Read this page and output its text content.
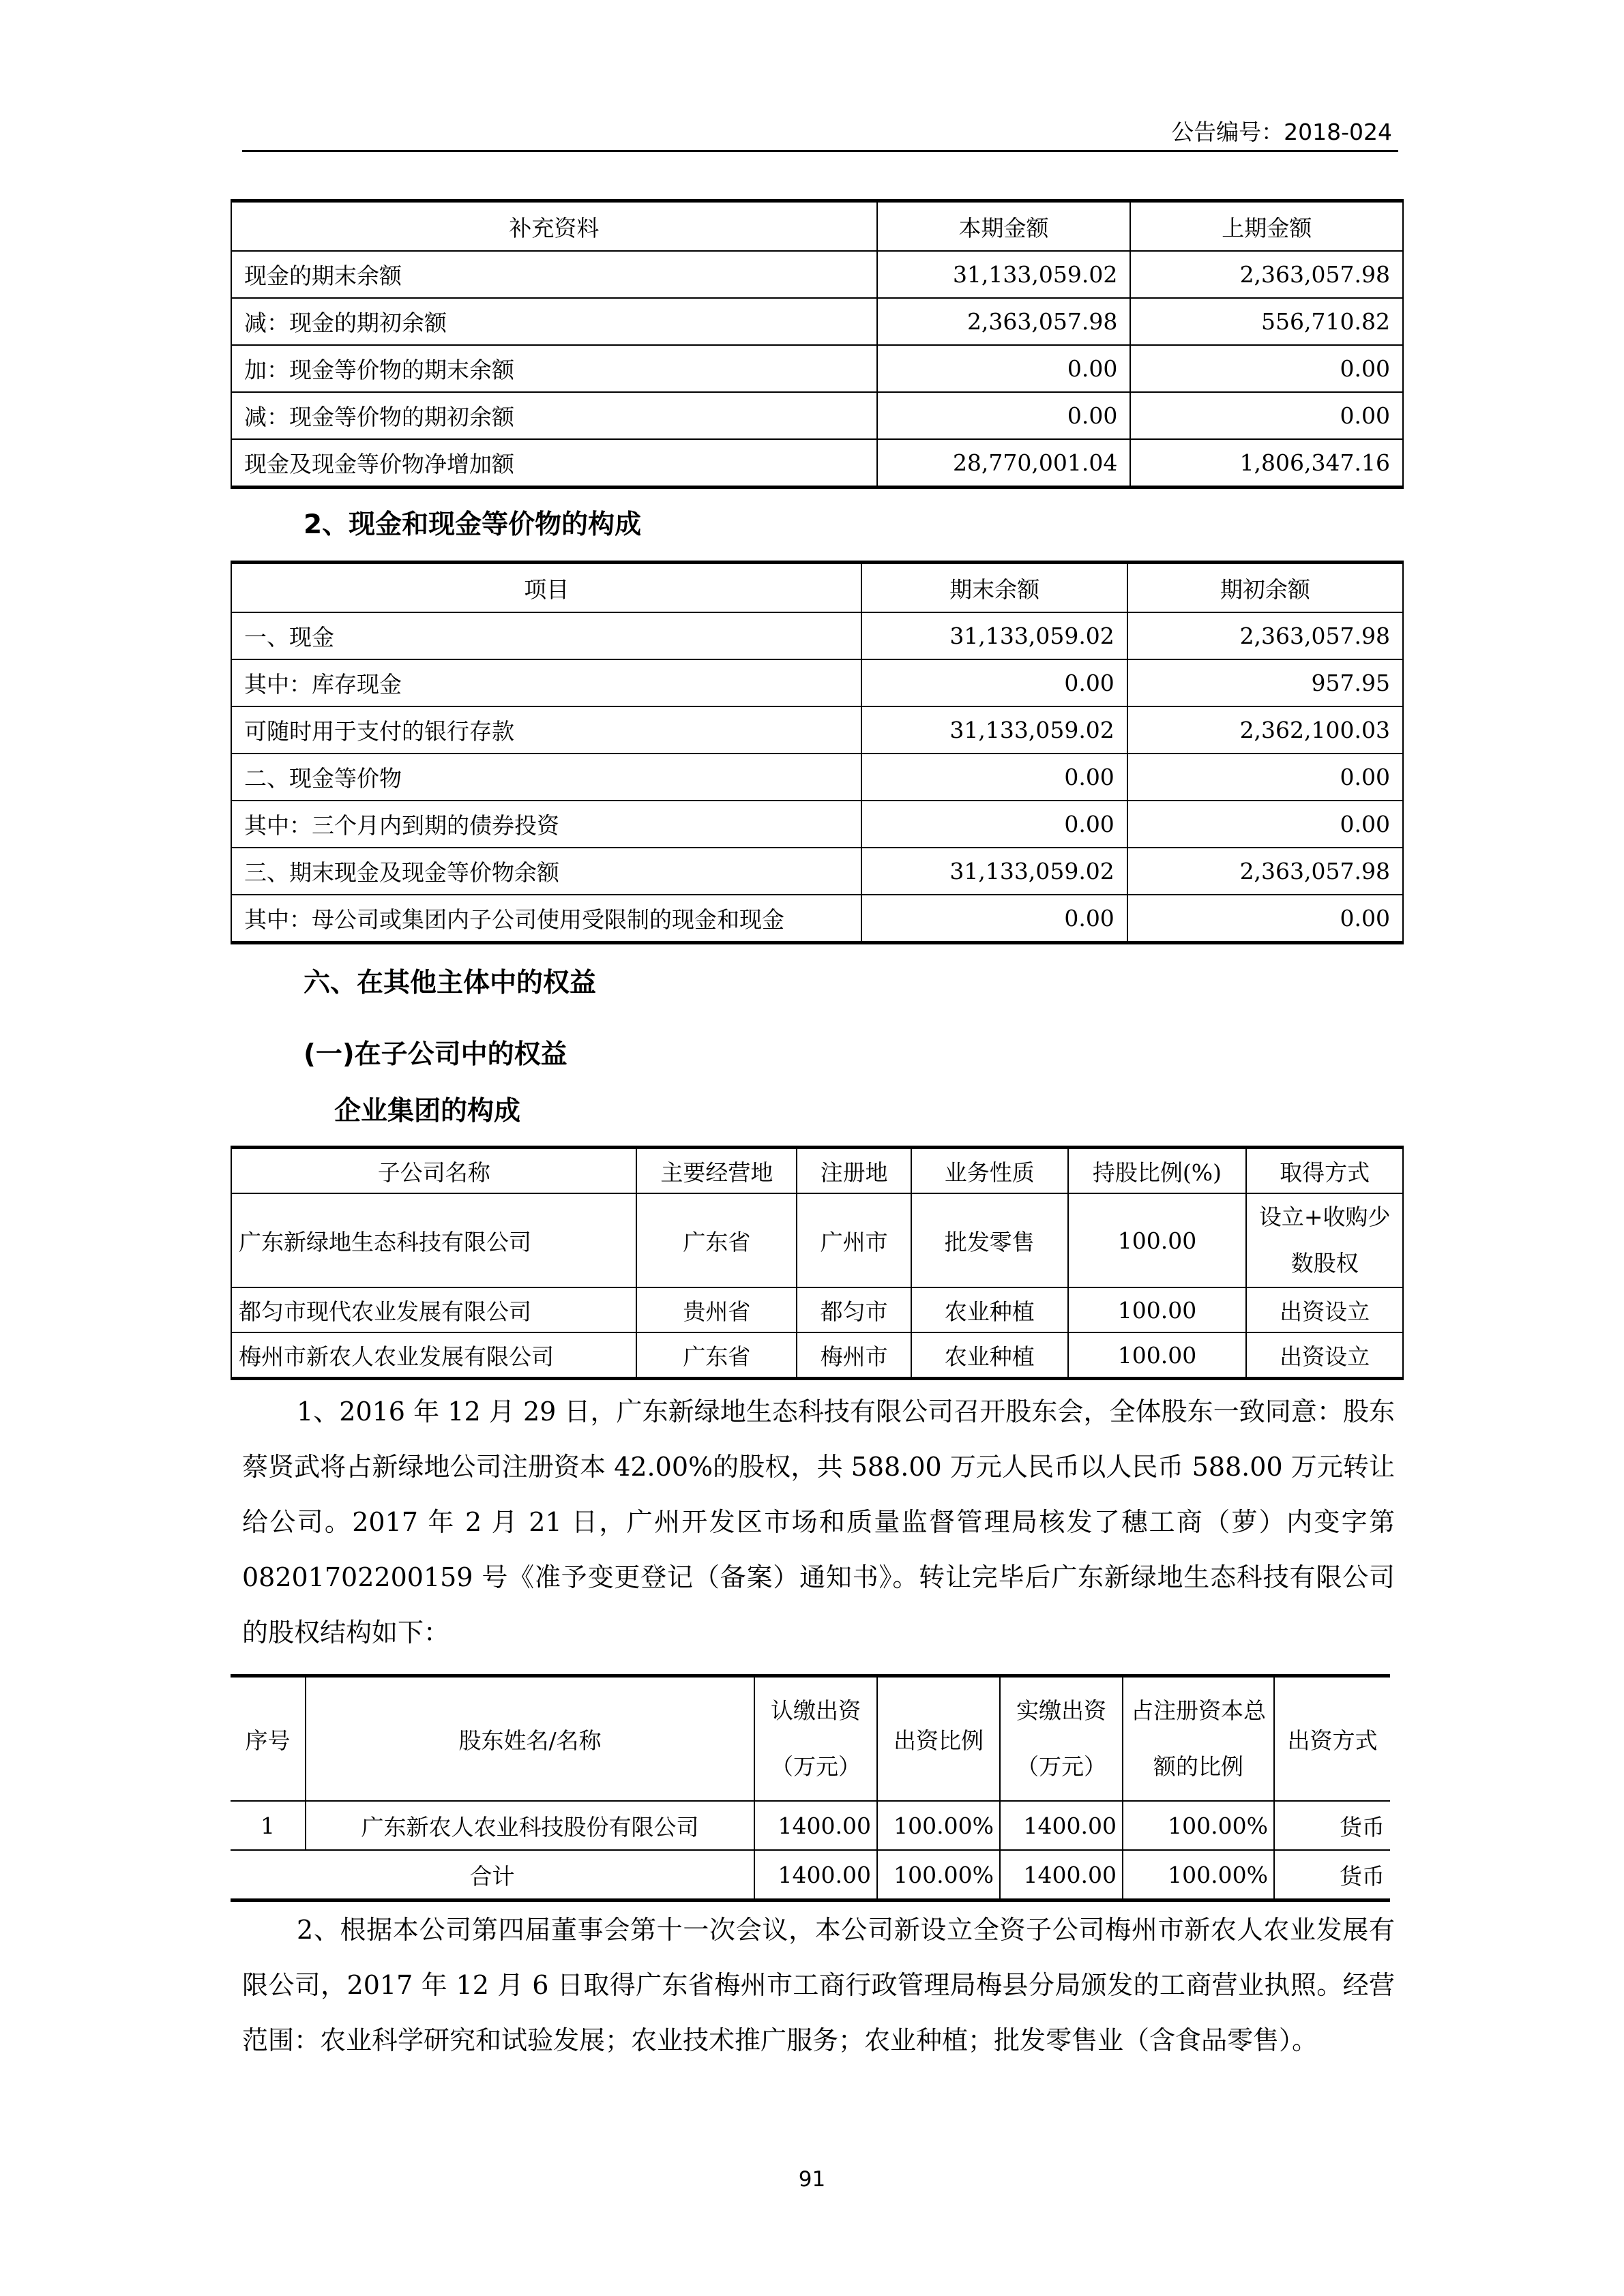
公告编号：2018-024
补充资料	本期金额	上期金额
现金的期末余额	31,133,059.02	2,363,057.98
减：现金的期初余额	2,363,057.98	556,710.82
加：现金等价物的期末余额	0.00	0.00
减：现金等价物的期初余额	0.00	0.00
现金及现金等价物净增加额	28,770,001.04	1,806,347.16
2、现金和现金等价物的构成
项目	期末余额	期初余额
一、现金	31,133,059.02	2,363,057.98
其中：库存现金	0.00	957.95
可随时用于支付的银行存款	31,133,059.02	2,362,100.03
二、现金等价物	0.00	0.00
其中：三个月内到期的债券投资	0.00	0.00
三、期末现金及现金等价物余额	31,133,059.02	2,363,057.98
其中：母公司或集团内子公司使用受限制的现金和现金	0.00	0.00
六、在其他主体中的权益
(一)在子公司中的权益
企业集团的构成
子公司名称	主要经营地	注册地	业务性质	持股比例(%)	取得方式
广东新绿地生态科技有限公司	广东省	广州市	批发零售	100.00	设立+收购少数股权
都匀市现代农业发展有限公司	贵州省	都匀市	农业种植	100.00	出资设立
梅州市新农人农业发展有限公司	广东省	梅州市	农业种植	100.00	出资设立

1、2016 年 12 月 29 日，广东新绿地生态科技有限公司召开股东会，全体股东一致同意：股东蔡贤武将占新绿地公司注册资本 42.00%的股权，共 588.00 万元人民币以人民币 588.00 万元转让给公司。2017 年 2 月 21 日，广州开发区市场和质量监督管理局核发了穗工商（萝）内变字第 08201702200159 号《准予变更登记（备案）通知书》。转让完毕后广东新绿地生态科技有限公司的股权结构如下：

序号	股东姓名/名称	认缴出资（万元）	出资比例	实缴出资（万元）	占注册资本总额的比例	出资方式
1	广东新农人农业科技股份有限公司	1400.00	100.00%	1400.00	100.00%	货币
合计		1400.00	100.00%	1400.00	100.00%	货币

2、根据本公司第四届董事会第十一次会议，本公司新设立全资子公司梅州市新农人农业发展有限公司，2017 年 12 月 6 日取得广东省梅州市工商行政管理局梅县分局颁发的工商营业执照。经营范围：农业科学研究和试验发展；农业技术推广服务；农业种植；批发零售业（含食品零售）。

91
